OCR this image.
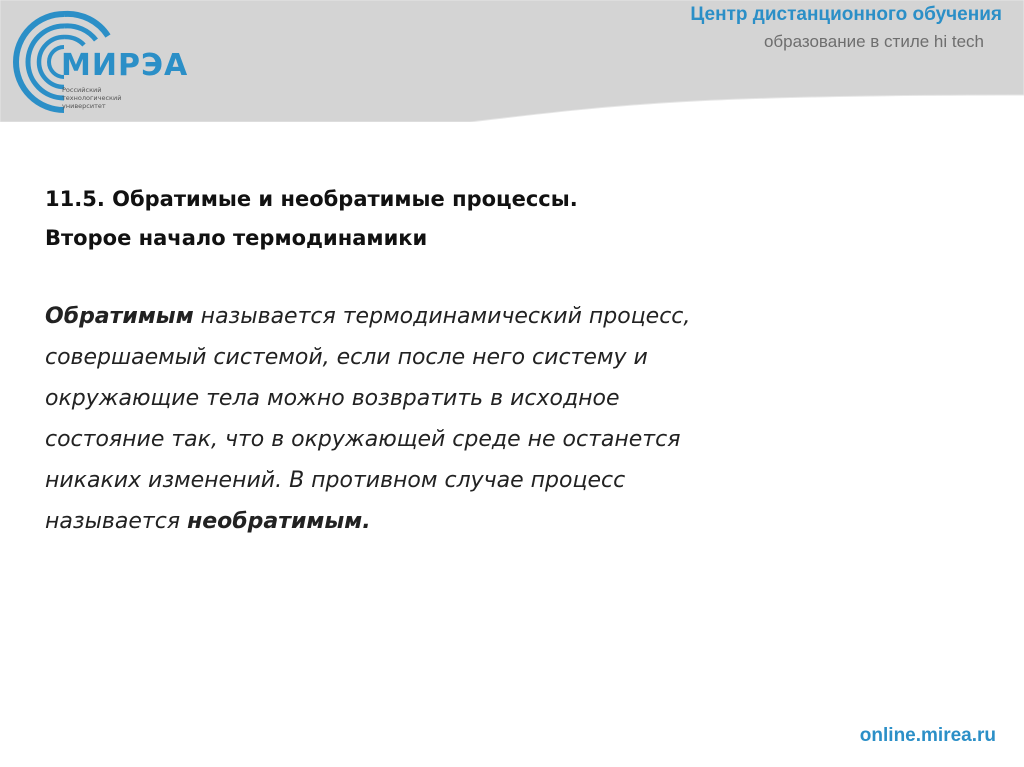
МИРЭА
Российский технологический университет
Центр дистанционного обучения
образование в стиле hi tech
11.5. Обратимые и необратимые процессы.
Второе начало термодинамики
Обратимым называется термодинамический процесс,
совершаемый системой, если после него систему и
окружающие тела можно возвратить в исходное
состояние так, что в окружающей среде не останется
никаких изменений. В противном случае процесс
называется необратимым.
online.mirea.ru
